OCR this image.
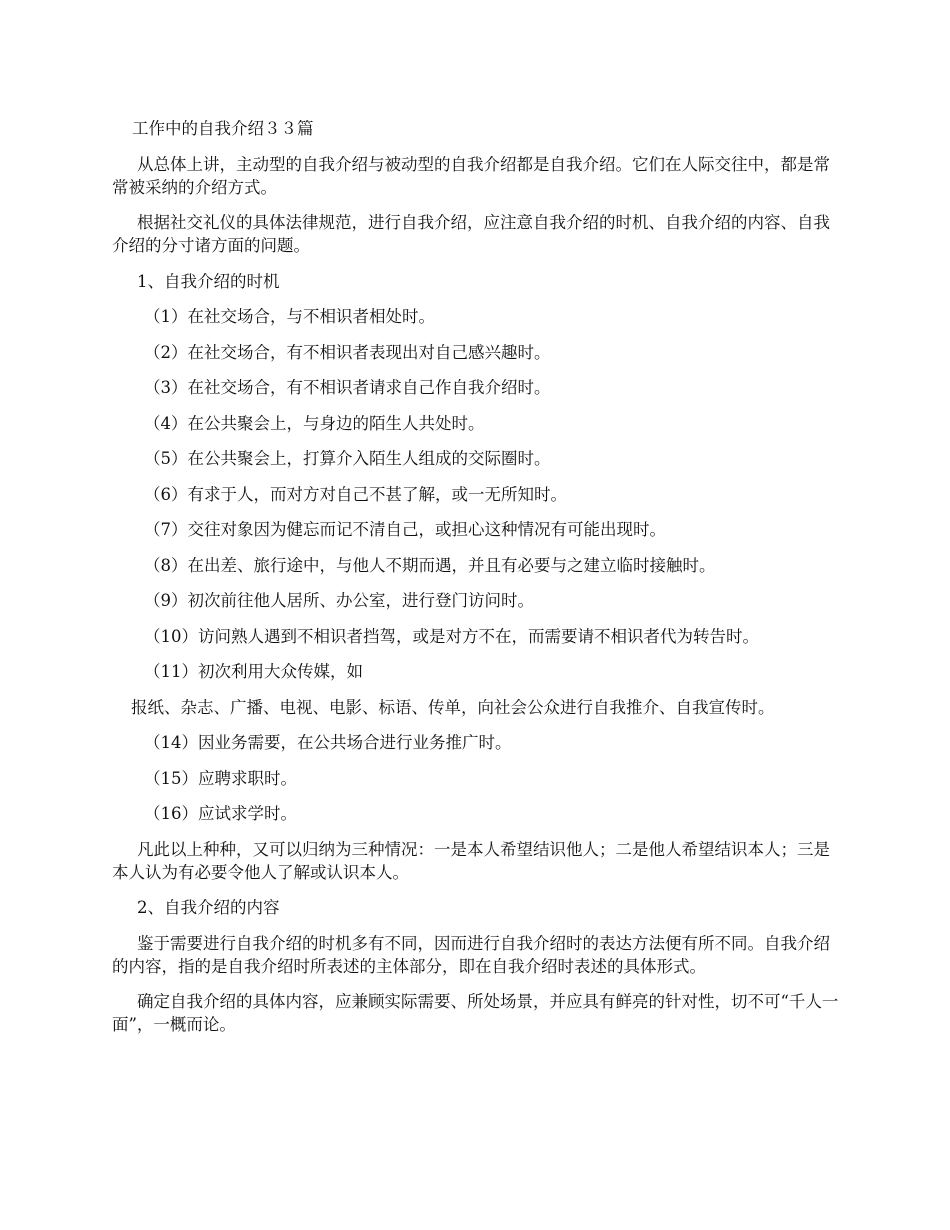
工作中的自我介绍３３篇

从总体上讲，主动型的自我介绍与被动型的自我介绍都是自我介绍。它们在人际交往中，都是常常被采纳的介绍方式。

根据社交礼仪的具体法律规范，进行自我介绍，应注意自我介绍的时机、自我介绍的内容、自我介绍的分寸诸方面的问题。

1、自我介绍的时机

（1）在社交场合，与不相识者相处时。

（2）在社交场合，有不相识者表现出对自己感兴趣时。

（3）在社交场合，有不相识者请求自己作自我介绍时。

（4）在公共聚会上，与身边的陌生人共处时。

（5）在公共聚会上，打算介入陌生人组成的交际圈时。

（6）有求于人，而对方对自己不甚了解，或一无所知时。

（7）交往对象因为健忘而记不清自己，或担心这种情况有可能出现时。

（8）在出差、旅行途中，与他人不期而遇，并且有必要与之建立临时接触时。

（9）初次前往他人居所、办公室，进行登门访问时。

（10）访问熟人遇到不相识者挡驾，或是对方不在，而需要请不相识者代为转告时。

（11）初次利用大众传媒，如

报纸、杂志、广播、电视、电影、标语、传单，向社会公众进行自我推介、自我宣传时。

（14）因业务需要，在公共场合进行业务推广时。

（15）应聘求职时。

（16）应试求学时。

凡此以上种种，又可以归纳为三种情况：一是本人希望结识他人；二是他人希望结识本人；三是本人认为有必要令他人了解或认识本人。

2、自我介绍的内容

鉴于需要进行自我介绍的时机多有不同，因而进行自我介绍时的表达方法便有所不同。自我介绍的内容，指的是自我介绍时所表述的主体部分，即在自我介绍时表述的具体形式。

确定自我介绍的具体内容，应兼顾实际需要、所处场景，并应具有鲜亮的针对性，切不可“千人一面”，一概而论。
